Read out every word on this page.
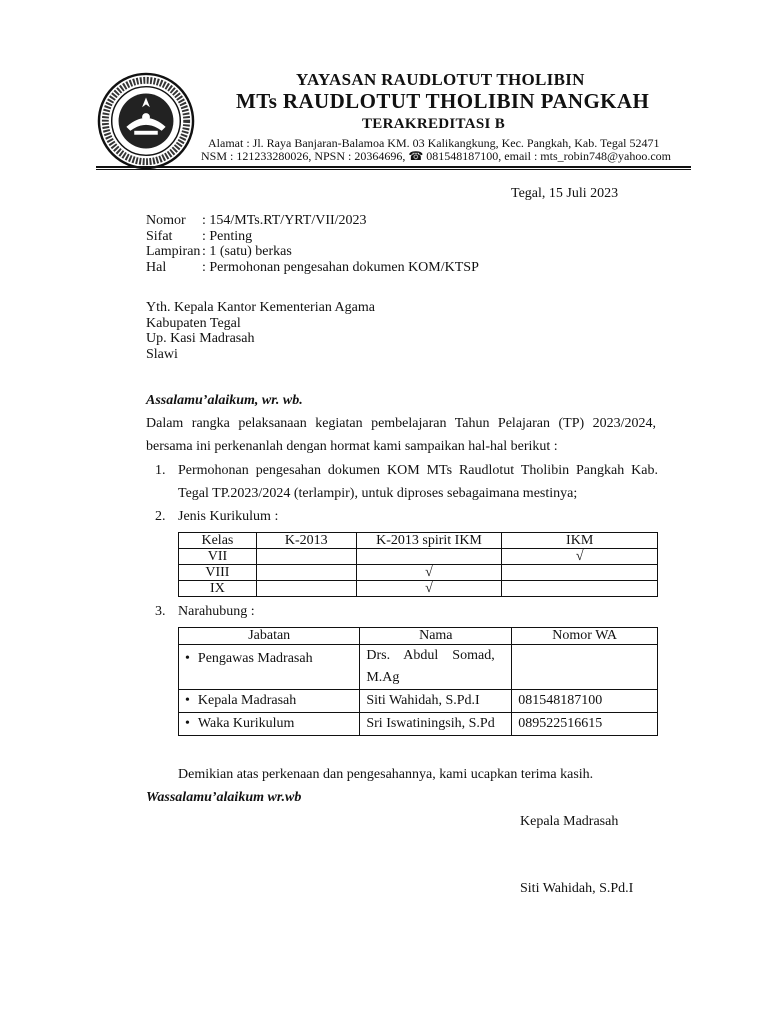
YAYASAN RAUDLOTUT THOLIBIN
MTs RAUDLOTUT THOLIBIN PANGKAH
TERAKREDITASI B
Alamat : Jl. Raya Banjaran-Balamoa KM. 03 Kalikangkung, Kec. Pangkah, Kab. Tegal 52471
NSM : 121233280026, NPSN : 20364696, ☎ 081548187100, email : mts_robin748@yahoo.com
Tegal, 15 Juli 2023
Nomor : 154/MTs.RT/YRT/VII/2023
Sifat : Penting
Lampiran : 1 (satu) berkas
Hal	: Permohonan pengesahan dokumen KOM/KTSP
Yth. Kepala Kantor Kementerian Agama
Kabupaten Tegal
Up. Kasi Madrasah
Slawi
Assalamu’alaikum, wr. wb.
Dalam rangka pelaksanaan kegiatan pembelajaran Tahun Pelajaran (TP) 2023/2024,
bersama ini perkenanlah dengan hormat kami sampaikan hal-hal berikut :
1. Permohonan pengesahan dokumen KOM MTs Raudlotut Tholibin Pangkah Kab.
Tegal TP.2023/2024 (terlampir), untuk diproses sebagaimana mestinya;
2. Jenis Kurikulum :
Kelas	K-2013	K-2013 spirit IKM	IKM
VII			√
VIII		√	
IX		√	
3. Narahubung :
Jabatan	Nama	Nomor WA
• Pengawas Madrasah	Drs.    Abdul    Somad,
M.Ag	

• Kepala Madrasah	Siti Wahidah, S.Pd.I	081548187100
• Waka Kurikulum	Sri Iswatiningsih, S.Pd	089522516615
Demikian atas perkenaan dan pengesahannya, kami ucapkan terima kasih.
Wassalamu’alaikum wr.wb
Kepala Madrasah
Siti Wahidah, S.Pd.I
